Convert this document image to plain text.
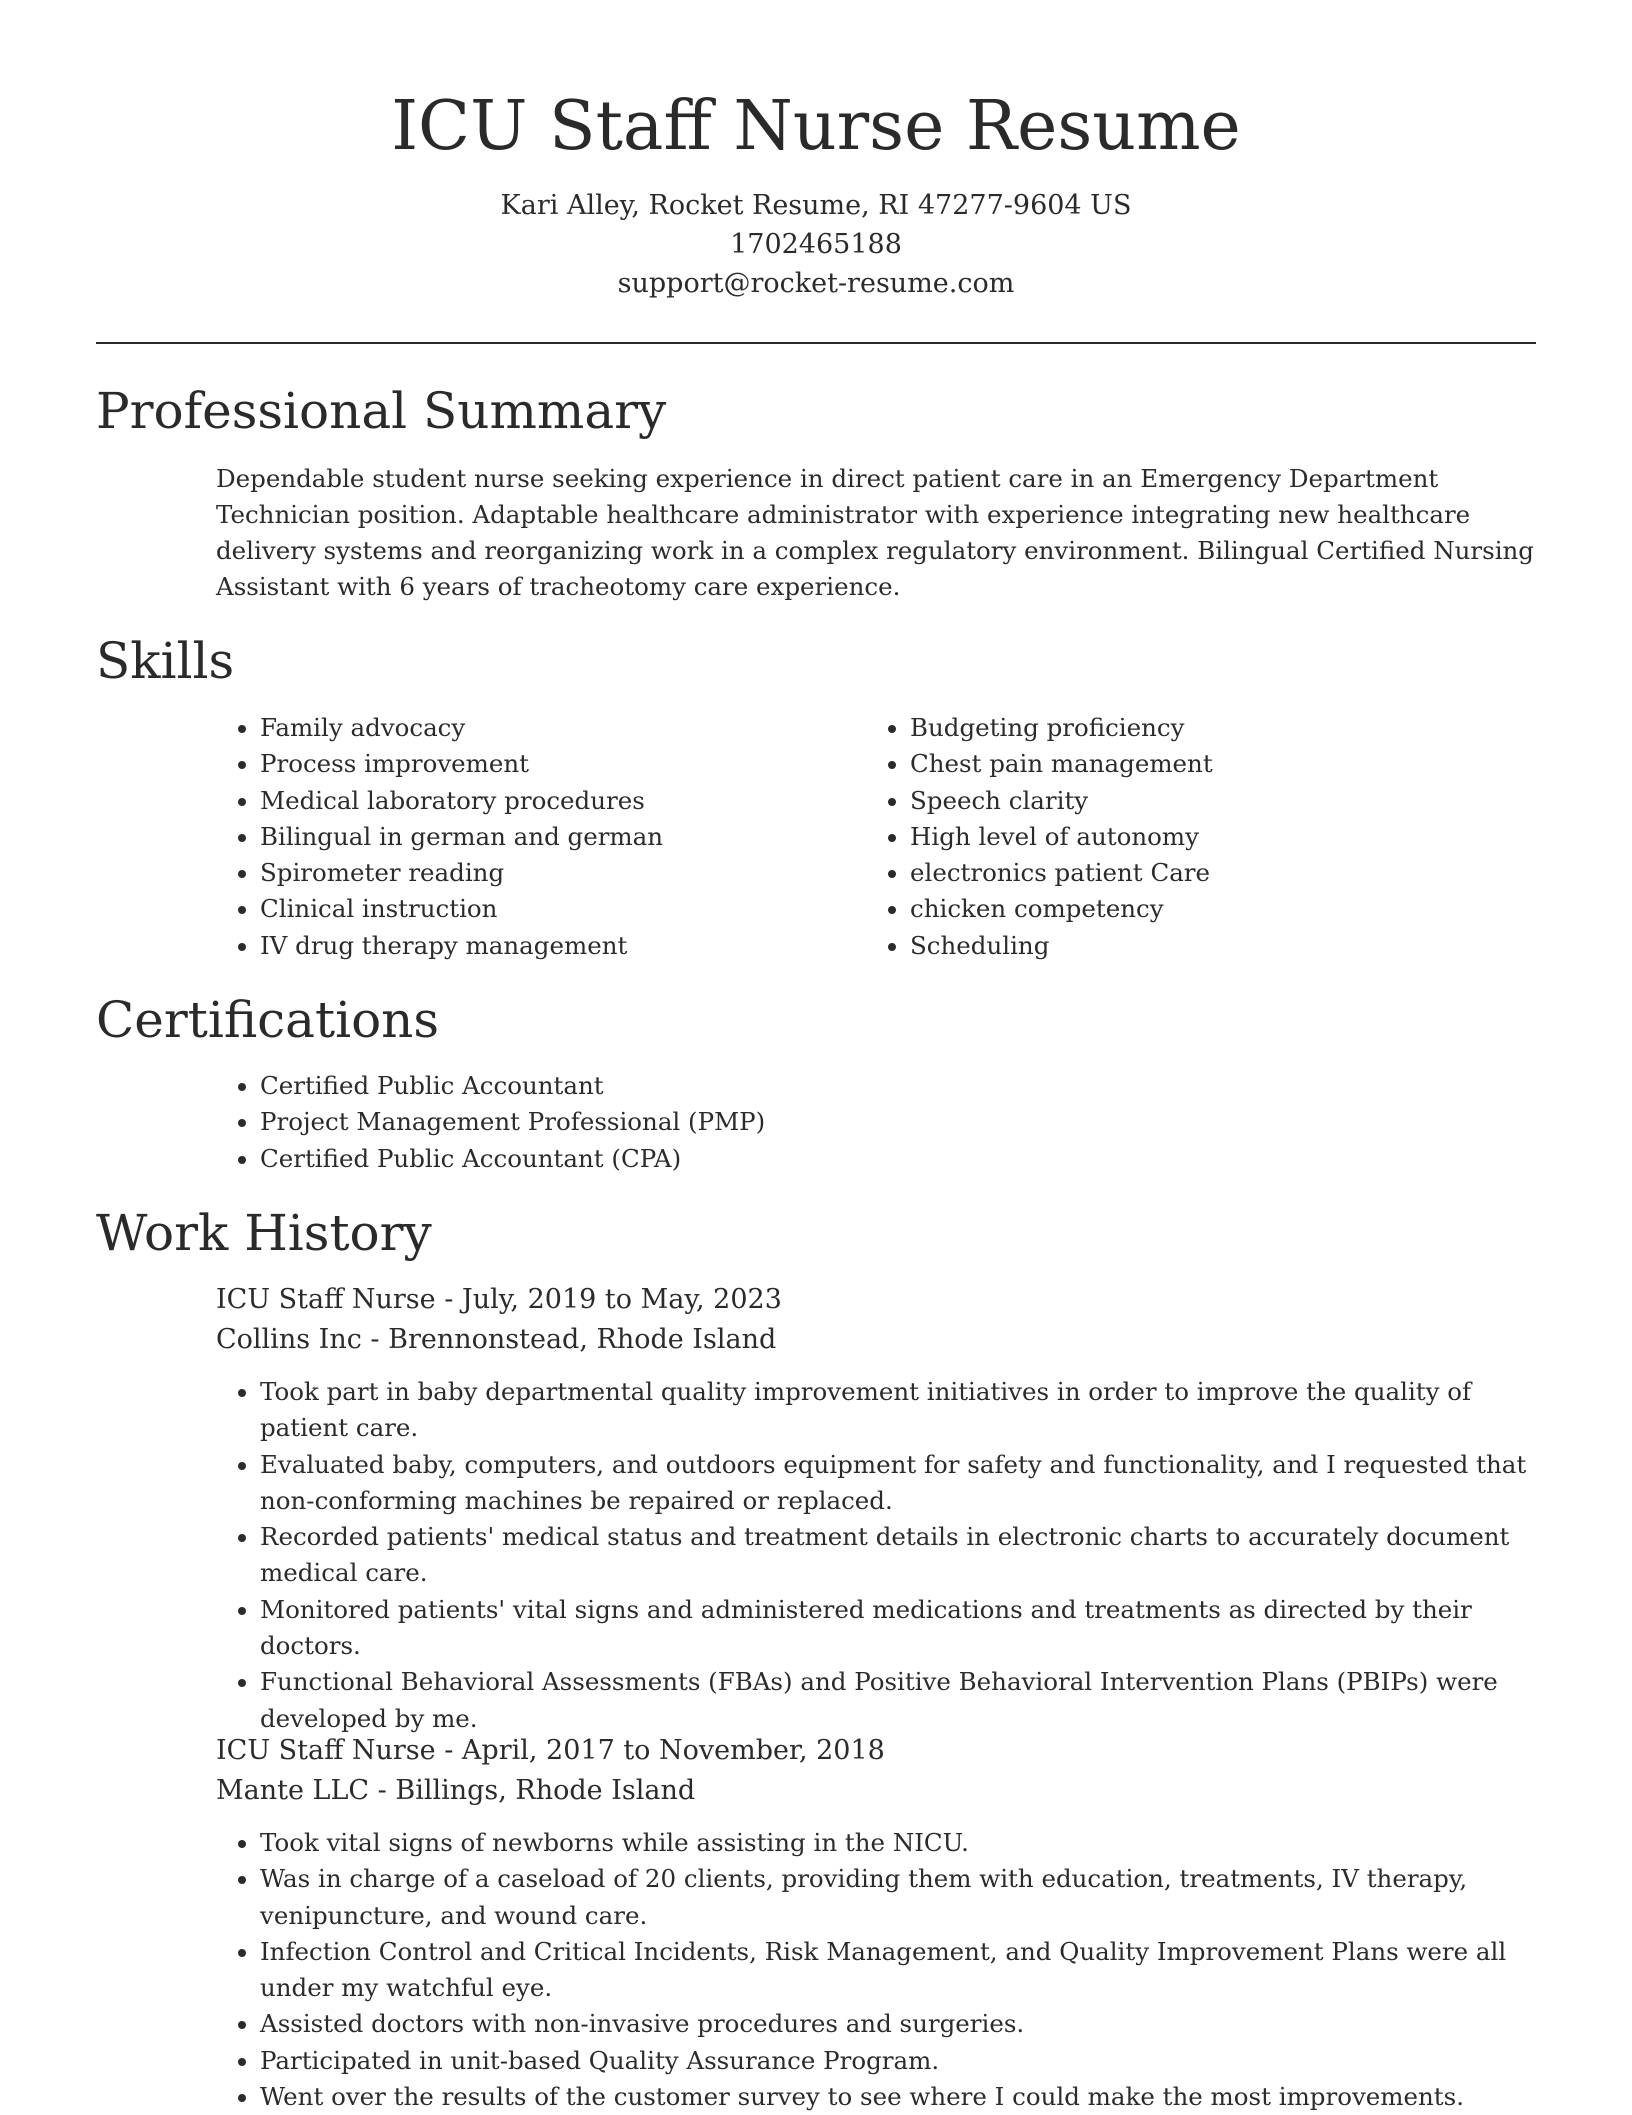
ICU Staff Nurse Resume
Kari Alley, Rocket Resume, RI 47277-9604 US
1702465188
support@rocket-resume.com
Professional Summary

Dependable student nurse seeking experience in direct patient care in an Emergency Department Technician position. Adaptable healthcare administrator with experience integrating new healthcare delivery systems and reorganizing work in a complex regulatory environment. Bilingual Certified Nursing Assistant with 6 years of tracheotomy care experience.

Skills
• Family advocacy
• Process improvement
• Medical laboratory procedures
• Bilingual in german and german
• Spirometer reading
• Clinical instruction
• IV drug therapy management
• Budgeting proficiency
• Chest pain management
• Speech clarity
• High level of autonomy
• electronics patient Care
• chicken competency
• Scheduling
Certifications
• Certified Public Accountant
• Project Management Professional (PMP)
• Certified Public Accountant (CPA)
Work History
ICU Staff Nurse - July, 2019 to May, 2023
Collins Inc - Brennonstead, Rhode Island
• Took part in baby departmental quality improvement initiatives in order to improve the quality of patient care.
• Evaluated baby, computers, and outdoors equipment for safety and functionality, and I requested that non-conforming machines be repaired or replaced.
• Recorded patients' medical status and treatment details in electronic charts to accurately document medical care.
• Monitored patients' vital signs and administered medications and treatments as directed by their doctors.
• Functional Behavioral Assessments (FBAs) and Positive Behavioral Intervention Plans (PBIPs) were developed by me.
ICU Staff Nurse - April, 2017 to November, 2018
Mante LLC - Billings, Rhode Island
• Took vital signs of newborns while assisting in the NICU.
• Was in charge of a caseload of 20 clients, providing them with education, treatments, IV therapy, venipuncture, and wound care.
• Infection Control and Critical Incidents, Risk Management, and Quality Improvement Plans were all under my watchful eye.
• Assisted doctors with non-invasive procedures and surgeries.
• Participated in unit-based Quality Assurance Program.
• Went over the results of the customer survey to see where I could make the most improvements.
